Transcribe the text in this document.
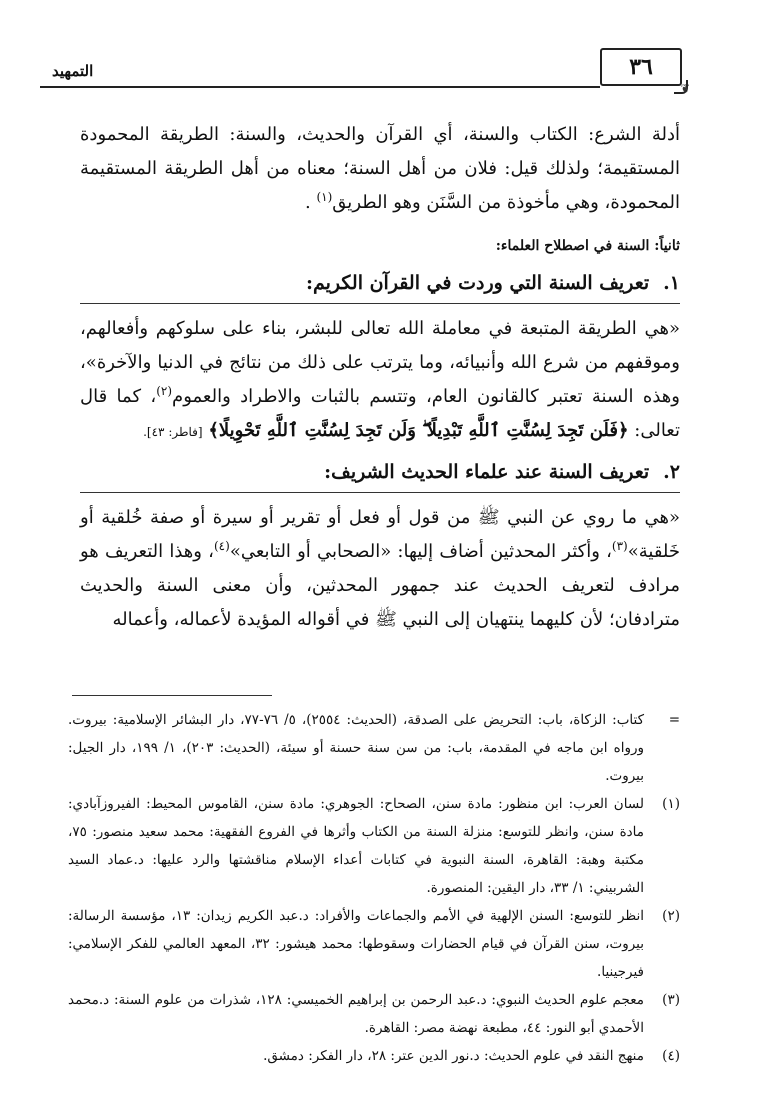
٣٦
❦
التمهيد

أدلة الشرع: الكتاب والسنة، أي القرآن والحديث، والسنة: الطريقة المحمودة المستقيمة؛ ولذلك قيل: فلان من أهل السنة؛ معناه من أهل الطريقة المستقيمة المحمودة، وهي مأخوذة من السَّنَن وهو الطريق$^{(١)}$ .

ثانياً: السنة في اصطلاح العلماء:
١.تعريف السنة التي وردت في القرآن الكريم:

«هي الطريقة المتبعة في معاملة الله تعالى للبشر، بناء على سلوكهم وأفعالهم، وموقفهم من شرع الله وأنبيائه، وما يترتب على ذلك من نتائج في الدنيا والآخرة»، وهذه السنة تعتبر كالقانون العام، وتتسم بالثبات والاطراد والعموم$^{(٢)}$، كما قال تعالى: ﴿فَلَن تَجِدَ لِسُنَّتِ ٱللَّهِ تَبْدِيلًا ۖ وَلَن تَجِدَ لِسُنَّتِ ٱللَّهِ تَحْوِيلًا﴾ [فاطر: ٤٣].

٢.تعريف السنة عند علماء الحديث الشريف:

«هي ما روي عن النبي ﷺ من قول أو فعل أو تقرير أو سيرة أو صفة خُلقية أو خَلقية»$^{(٣)}$، وأكثر المحدثين أضاف إليها: «الصحابي أو التابعي»$^{(٤)}$، وهذا التعريف هو مرادف لتعريف الحديث عند جمهور المحدثين، وأن معنى السنة والحديث مترادفان؛ لأن كليهما ينتهيان إلى النبي ﷺ في أقواله المؤيدة لأعماله، وأعماله

=
كتاب: الزكاة، باب: التحريض على الصدقة، (الحديث: ٢٥٥٤)، ٥/ ٧٦-٧٧، دار البشائر الإسلامية: بيروت. ورواه ابن ماجه في المقدمة، باب: من سن سنة حسنة أو سيئة، (الحديث: ٢٠٣)، ١/ ١٩٩، دار الجيل: بيروت.
(١)
لسان العرب: ابن منظور: مادة سنن، الصحاح: الجوهري: مادة سنن، القاموس المحيط: الفيروزآبادي: مادة سنن، وانظر للتوسع: منزلة السنة من الكتاب وأثرها في الفروع الفقهية: محمد سعيد منصور: ٧٥، مكتبة وهبة: القاهرة، السنة النبوية في كتابات أعداء الإسلام مناقشتها والرد عليها: د.عماد السيد الشربيني: ١/ ٣٣، دار اليقين: المنصورة.
(٢)
انظر للتوسع: السنن الإلهية في الأمم والجماعات والأفراد: د.عبد الكريم زيدان: ١٣، مؤسسة الرسالة: بيروت، سنن القرآن في قيام الحضارات وسقوطها: محمد هيشور: ٣٢، المعهد العالمي للفكر الإسلامي: فيرجينيا.
(٣)
معجم علوم الحديث النبوي: د.عبد الرحمن بن إبراهيم الخميسي: ١٢٨، شذرات من علوم السنة: د.محمد الأحمدي أبو النور: ٤٤، مطبعة نهضة مصر: القاهرة.
(٤)
منهج النقد في علوم الحديث: د.نور الدين عتر: ٢٨، دار الفكر: دمشق.
